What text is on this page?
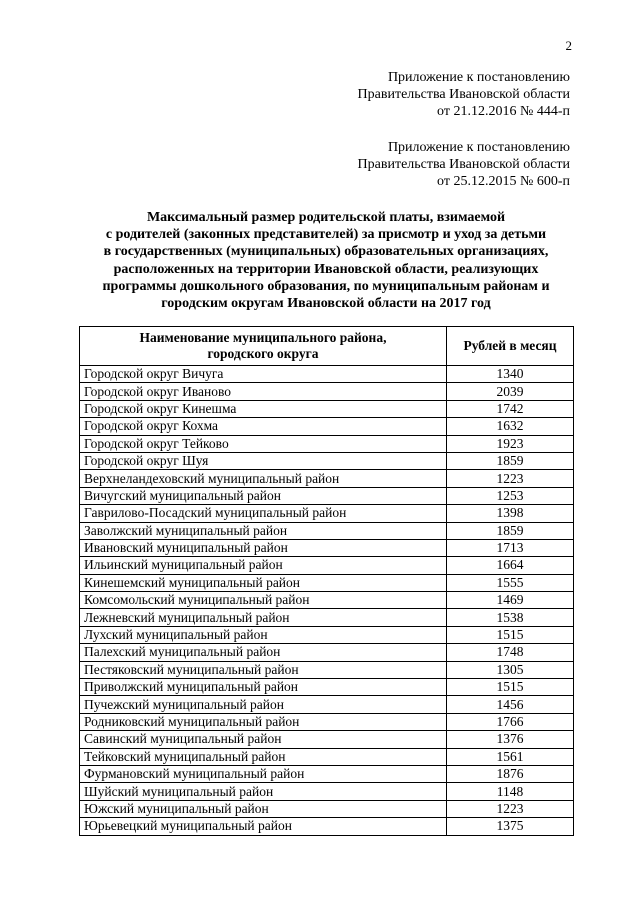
2
Приложение к постановлению
Правительства Ивановской области
от 21.12.2016 № 444-п
Приложение к постановлению
Правительства Ивановской области
от 25.12.2015 № 600-п
Максимальный размер родительской платы, взимаемой
с родителей (законных представителей) за присмотр и уход за детьми
в государственных (муниципальных) образовательных организациях,
расположенных на территории Ивановской области, реализующих
программы дошкольного образования, по муниципальным районам и
городским округам Ивановской области на 2017 год
Наименование муниципального района,
городского округа	Рублей в месяц
Городской округ Вичуга	1340
Городской округ Иваново	2039
Городской округ Кинешма	1742
Городской округ Кохма	1632
Городской округ Тейково	1923
Городской округ Шуя	1859
Верхнеландеховский муниципальный район	1223
Вичугский муниципальный район	1253
Гаврилово-Посадский муниципальный район	1398
Заволжский муниципальный район	1859
Ивановский муниципальный район	1713
Ильинский муниципальный район	1664
Кинешемский муниципальный район	1555
Комсомольский муниципальный район	1469
Лежневский муниципальный район	1538
Лухский муниципальный район	1515
Палехский муниципальный район	1748
Пестяковский муниципальный район	1305
Приволжский муниципальный район	1515
Пучежский муниципальный район	1456
Родниковский муниципальный район	1766
Савинский муниципальный район	1376
Тейковский муниципальный район	1561
Фурмановский муниципальный район	1876
Шуйский муниципальный район	1148
Южский муниципальный район	1223
Юрьевецкий муниципальный район	1375
